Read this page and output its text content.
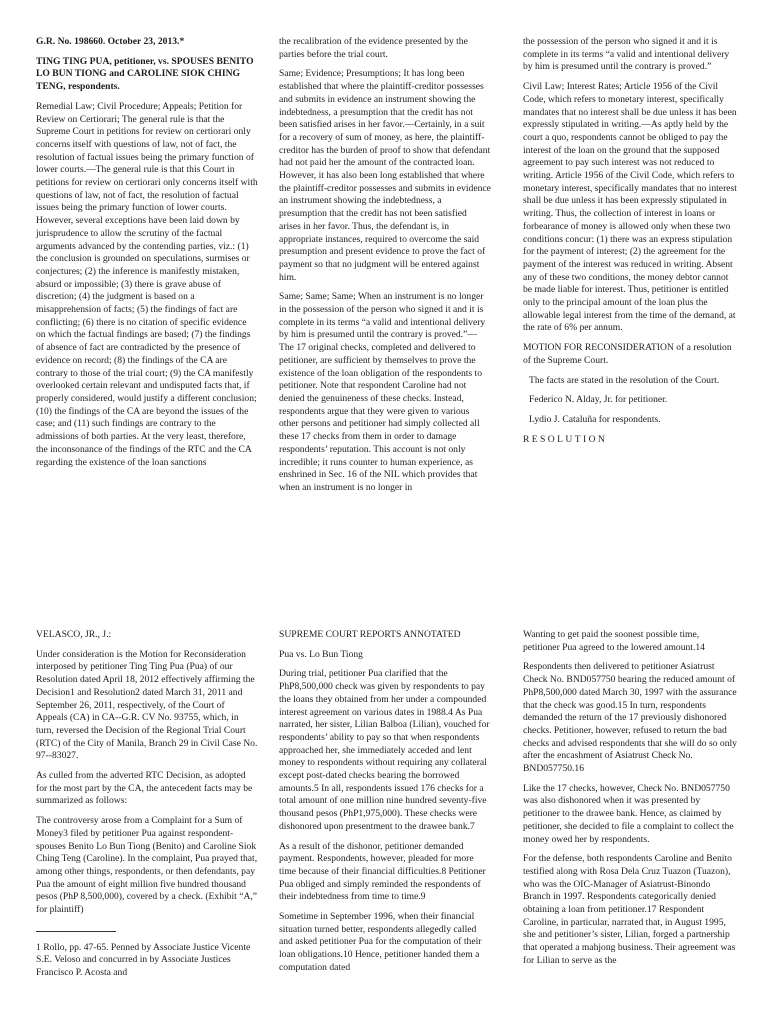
G.R. No. 198660. October 23, 2013.*

TING TING PUA, petitioner, vs. SPOUSES BENITO LO BUN TIONG and CAROLINE SIOK CHING TENG, respondents.

Remedial Law; Civil Procedure; Appeals; Petition for Review on Certiorari; The general rule is that the Supreme Court in petitions for review on certiorari only concerns itself with questions of law, not of fact, the resolution of factual issues being the primary function of lower courts.—The general rule is that this Court in petitions for review on certiorari only concerns itself with questions of law, not of fact, the resolution of factual issues being the primary function of lower courts. However, several exceptions have been laid down by jurisprudence to allow the scrutiny of the factual arguments advanced by the contending parties, viz.: (1) the conclusion is grounded on speculations, surmises or conjectures; (2) the inference is manifestly mistaken, absurd or impossible; (3) there is grave abuse of discretion; (4) the judgment is based on a misapprehension of facts; (5) the findings of fact are conflicting; (6) there is no citation of specific evidence on which the factual findings are based; (7) the findings of absence of fact are contradicted by the presence of evidence on record; (8) the findings of the CA are contrary to those of the trial court; (9) the CA manifestly overlooked certain relevant and undisputed facts that, if properly considered, would justify a different conclusion; (10) the findings of the CA are beyond the issues of the case; and (11) such findings are contrary to the admissions of both parties. At the very least, therefore, the inconsonance of the findings of the RTC and the CA regarding the existence of the loan sanctions

the recalibration of the evidence presented by the parties before the trial court.

Same; Evidence; Presumptions; It has long been established that where the plaintiff-creditor possesses and submits in evidence an instrument showing the indebtedness, a presumption that the credit has not been satisfied arises in her favor.—Certainly, in a suit for a recovery of sum of money, as here, the plaintiff-creditor has the burden of proof to show that defendant had not paid her the amount of the contracted loan. However, it has also been long established that where the plaintiff-creditor possesses and submits in evidence an instrument showing the indebtedness, a presumption that the credit has not been satisfied arises in her favor. Thus, the defendant is, in appropriate instances, required to overcome the said presumption and present evidence to prove the fact of payment so that no judgment will be entered against him.

Same; Same; Same; When an instrument is no longer in the possession of the person who signed it and it is complete in its terms “a valid and intentional delivery by him is presumed until the contrary is proved.”—The 17 original checks, completed and delivered to petitioner, are sufficient by themselves to prove the existence of the loan obligation of the respondents to petitioner. Note that respondent Caroline had not denied the genuineness of these checks. Instead, respondents argue that they were given to various other persons and petitioner had simply collected all these 17 checks from them in order to damage respondents’ reputation. This account is not only incredible; it runs counter to human experience, as enshrined in Sec. 16 of the NIL which provides that when an instrument is no longer in

the possession of the person who signed it and it is complete in its terms “a valid and intentional delivery by him is presumed until the contrary is proved.”

Civil Law; Interest Rates; Article 1956 of the Civil Code, which refers to monetary interest, specifically mandates that no interest shall be due unless it has been expressly stipulated in writing.—As aptly held by the court a quo, respondents cannot be obliged to pay the interest of the loan on the ground that the supposed agreement to pay such interest was not reduced to writing. Article 1956 of the Civil Code, which refers to monetary interest, specifically mandates that no interest shall be due unless it has been expressly stipulated in writing. Thus, the collection of interest in loans or forbearance of money is allowed only when these two conditions concur: (1) there was an express stipulation for the payment of interest; (2) the agreement for the payment of the interest was reduced in writing. Absent any of these two conditions, the money debtor cannot be made liable for interest. Thus, petitioner is entitled only to the principal amount of the loan plus the allowable legal interest from the time of the demand, at the rate of 6% per annum.

MOTION FOR RECONSIDERATION of a resolution of the Supreme Court.

The facts are stated in the resolution of the Court.

Federico N. Alday, Jr. for petitioner.

Lydio J. Cataluña for respondents.

RESOLUTION

VELASCO, JR., J.:

Under consideration is the Motion for Reconsideration interposed by petitioner Ting Ting Pua (Pua) of our Resolution dated April 18, 2012 effectively affirming the Decision1 and Resolution2 dated March 31, 2011 and September 26, 2011, respectively, of the Court of Appeals (CA) in CA--G.R. CV No. 93755, which, in turn, reversed the Decision of the Regional Trial Court (RTC) of the City of Manila, Branch 29 in Civil Case No. 97--83027.

As culled from the adverted RTC Decision, as adopted for the most part by the CA, the antecedent facts may be summarized as follows:

The controversy arose from a Complaint for a Sum of Money3 filed by petitioner Pua against respondent-spouses Benito Lo Bun Tiong (Benito) and Caroline Siok Ching Teng (Caroline). In the complaint, Pua prayed that, among other things, respondents, or then defendants, pay Pua the amount of eight million five hundred thousand pesos (PhP 8,500,000), covered by a check. (Exhibit “A,” for plaintiff)

1 Rollo, pp. 47-65. Penned by Associate Justice Vicente S.E. Veloso and concurred in by Associate Justices Francisco P. Acosta and

SUPREME COURT REPORTS ANNOTATED

Pua vs. Lo Bun Tiong

During trial, petitioner Pua clarified that the PhP8,500,000 check was given by respondents to pay the loans they obtained from her under a compounded interest agreement on various dates in 1988.4 As Pua narrated, her sister, Lilian Balboa (Lilian), vouched for respondents’ ability to pay so that when respondents approached her, she immediately acceded and lent money to respondents without requiring any collateral except post-dated checks bearing the borrowed amounts.5 In all, respondents issued 176 checks for a total amount of one million nine hundred seventy-five thousand pesos (PhP1,975,000). These checks were dishonored upon presentment to the drawee bank.7

As a result of the dishonor, petitioner demanded payment. Respondents, however, pleaded for more time because of their financial difficulties.8 Petitioner Pua obliged and simply reminded the respondents of their indebtedness from time to time.9

Sometime in September 1996, when their financial situation turned better, respondents allegedly called and asked petitioner Pua for the computation of their loan obligations.10 Hence, petitioner handed them a computation dated

Wanting to get paid the soonest possible time, petitioner Pua agreed to the lowered amount.14

Respondents then delivered to petitioner Asiatrust Check No. BND057750 bearing the reduced amount of PhP8,500,000 dated March 30, 1997 with the assurance that the check was good.15 In turn, respondents demanded the return of the 17 previously dishonored checks. Petitioner, however, refused to return the bad checks and advised respondents that she will do so only after the encashment of Asiatrust Check No. BND057750.16

Like the 17 checks, however, Check No. BND057750 was also dishonored when it was presented by petitioner to the drawee bank. Hence, as claimed by petitioner, she decided to file a complaint to collect the money owed her by respondents.

For the defense, both respondents Caroline and Benito testified along with Rosa Dela Cruz Tuazon (Tuazon), who was the OIC-Manager of Asiatrust-Binondo Branch in 1997. Respondents categorically denied obtaining a loan from petitioner.17 Respondent Caroline, in particular, narrated that, in August 1995, she and petitioner’s sister, Lilian, forged a partnership that operated a mahjong business. Their agreement was for Lilian to serve as the
